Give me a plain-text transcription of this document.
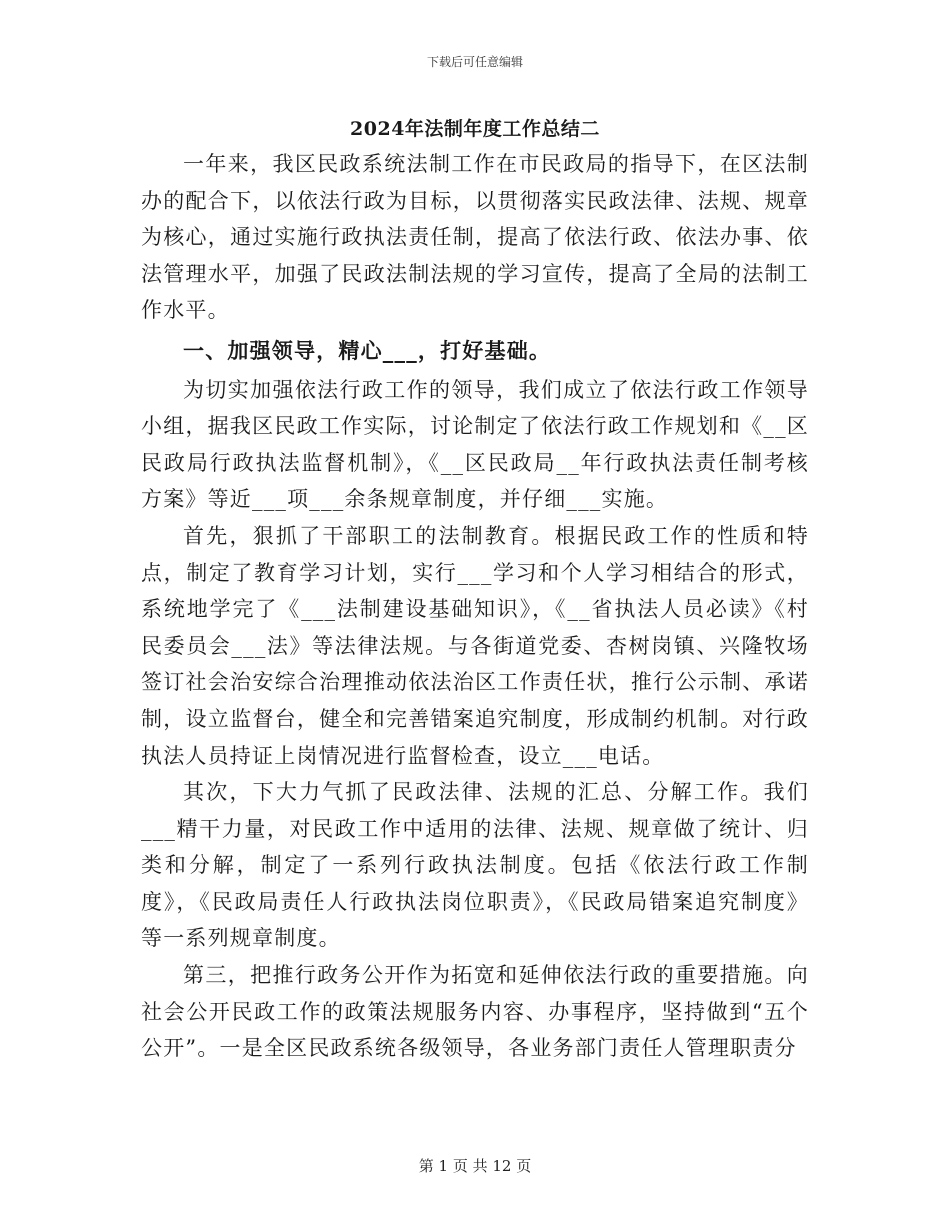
下载后可任意编辑
2024年法制年度工作总结二

一年来，我区民政系统法制工作在市民政局的指导下，在区法制办的配合下，以依法行政为目标，以贯彻落实民政法律、法规、规章为核心，通过实施行政执法责任制，提高了依法行政、依法办事、依法管理水平，加强了民政法制法规的学习宣传，提高了全局的法制工作水平。

一、加强领导，精心___，打好基础。

为切实加强依法行政工作的领导，我们成立了依法行政工作领导小组，据我区民政工作实际，讨论制定了依法行政工作规划和《__区民政局行政执法监督机制》，《__区民政局__年行政执法责任制考核方案》等近___项___余条规章制度，并仔细___实施。

首先，狠抓了干部职工的法制教育。根据民政工作的性质和特点，制定了教育学习计划，实行___学习和个人学习相结合的形式，系统地学完了《___法制建设基础知识》，《__省执法人员必读》《村民委员会___法》等法律法规。与各街道党委、杏树岗镇、兴隆牧场签订社会治安综合治理推动依法治区工作责任状，推行公示制、承诺制，设立监督台，健全和完善错案追究制度，形成制约机制。对行政执法人员持证上岗情况进行监督检查，设立___电话。

其次，下大力气抓了民政法律、法规的汇总、分解工作。我们___精干力量，对民政工作中适用的法律、法规、规章做了统计、归类和分解，制定了一系列行政执法制度。包括《依法行政工作制度》，《民政局责任人行政执法岗位职责》，《民政局错案追究制度》等一系列规章制度。

第三，把推行政务公开作为拓宽和延伸依法行政的重要措施。向社会公开民政工作的政策法规服务内容、办事程序，坚持做到“五个公开”。一是全区民政系统各级领导，各业务部门责任人管理职责分

第 1 页 共 12 页
